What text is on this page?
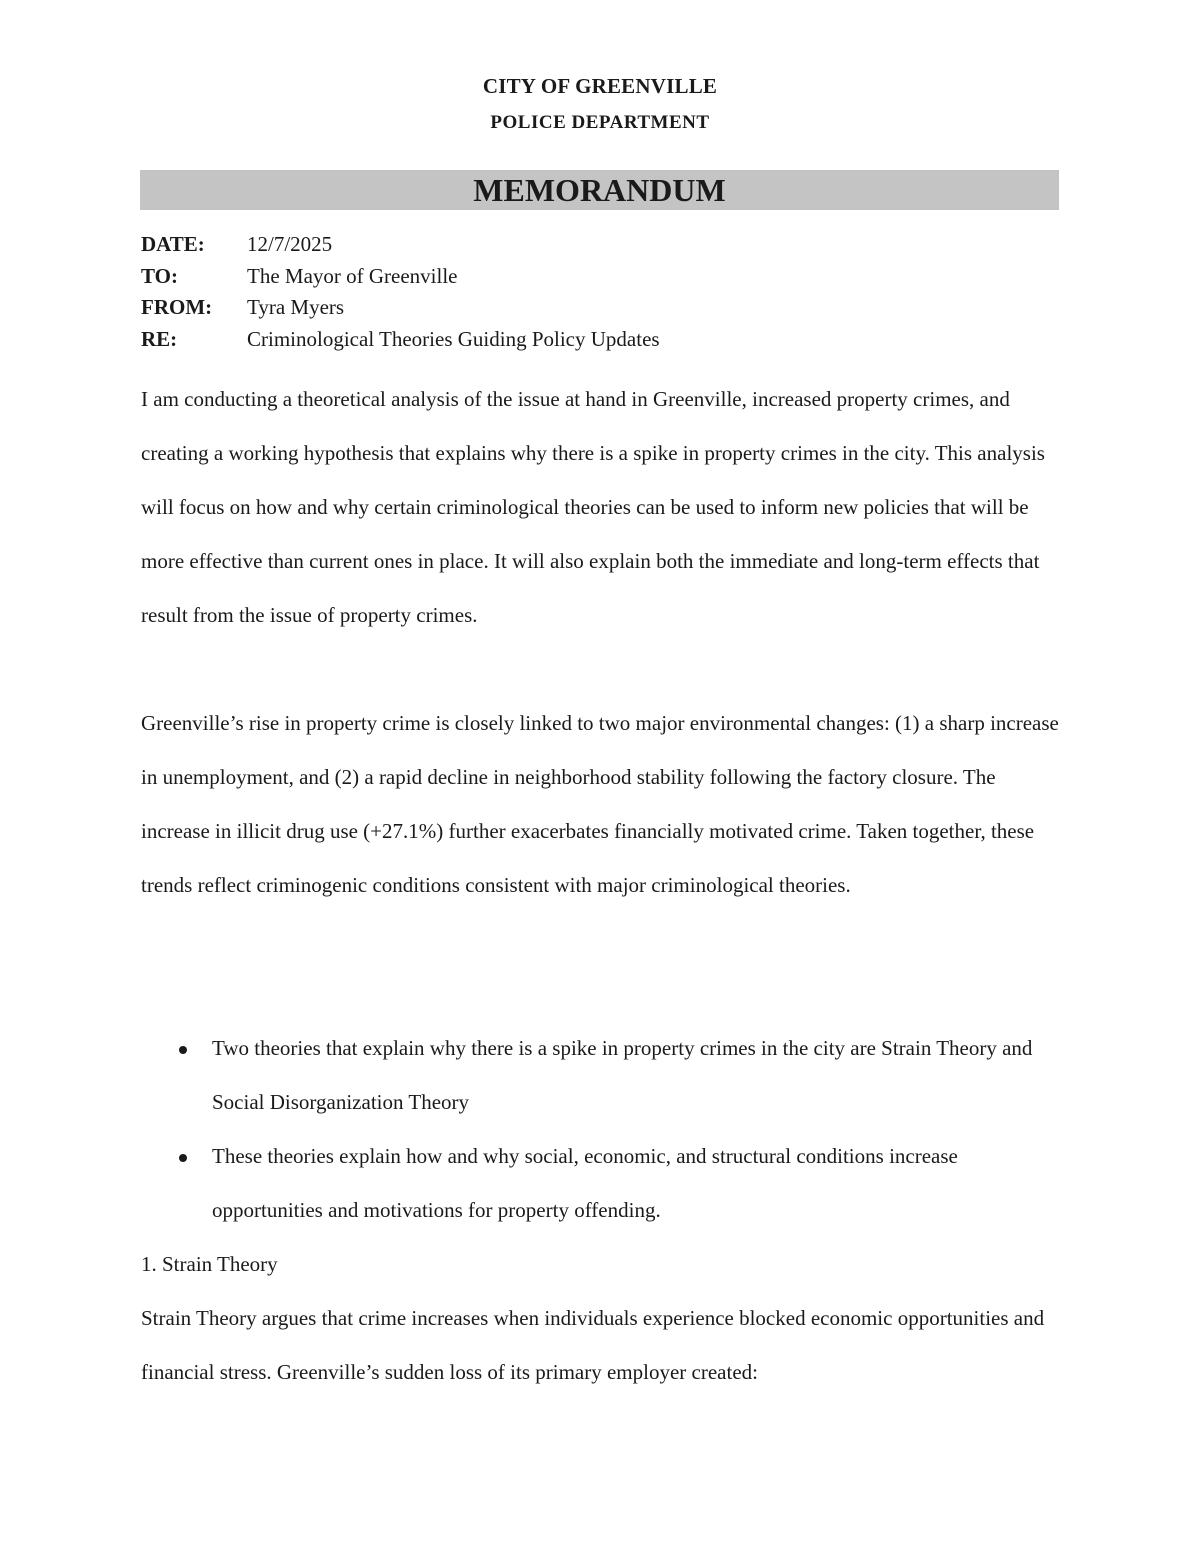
CITY OF GREENVILLE
POLICE DEPARTMENT
MEMORANDUM
DATE: 12/7/2025
TO:	The Mayor of Greenville
FROM: Tyra Myers
RE:	Criminological Theories Guiding Policy Updates

I am conducting a theoretical analysis of the issue at hand in Greenville, increased property crimes, and creating a working hypothesis that explains why there is a spike in property crimes in the city. This analysis will focus on how and why certain criminological theories can be used to inform new policies that will be more effective than current ones in place. It will also explain both the immediate and long-term effects that result from the issue of property crimes.

Greenville’s rise in property crime is closely linked to two major environmental changes: (1) a sharp increase in unemployment, and (2) a rapid decline in neighborhood stability following the factory closure. The increase in illicit drug use (+27.1%) further exacerbates financially motivated crime. Taken together, these trends reflect criminogenic conditions consistent with major criminological theories.

Two theories that explain why there is a spike in property crimes in the city are Strain Theory and Social Disorganization Theory
These theories explain how and why social, economic, and structural conditions increase opportunities and motivations for property offending.
1. Strain Theory

Strain Theory argues that crime increases when individuals experience blocked economic opportunities and financial stress. Greenville’s sudden loss of its primary employer created:
